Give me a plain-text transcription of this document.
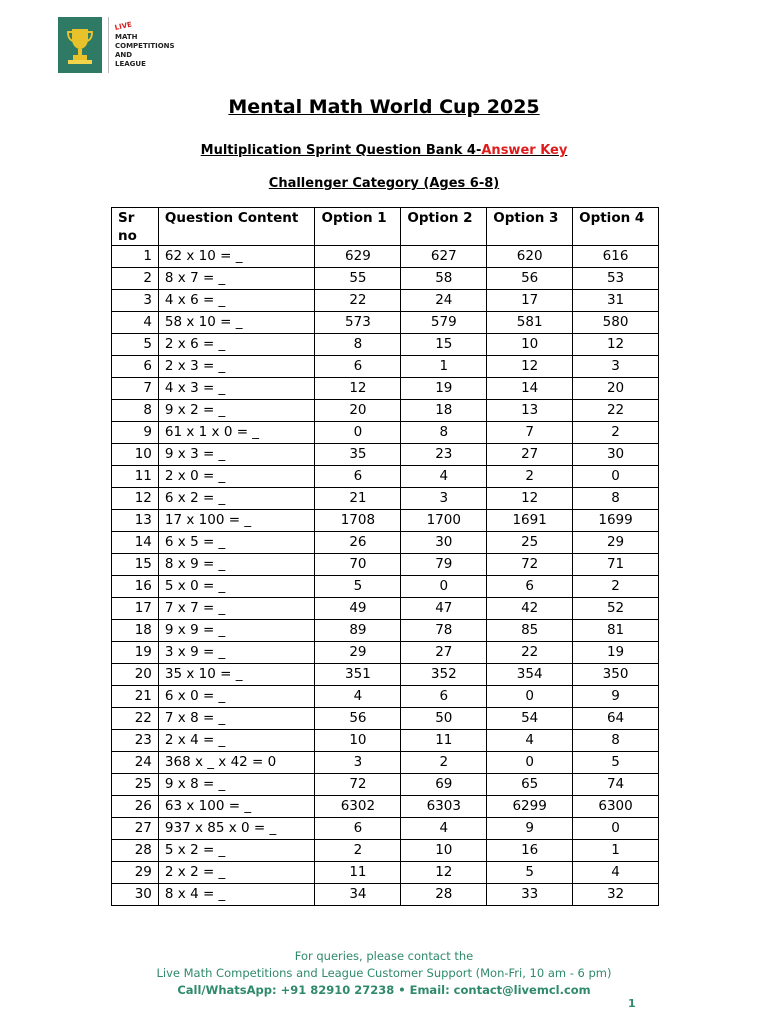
LIVE
MATH
COMPETITIONS
AND
LEAGUE
Mental Math World Cup 2025
Multiplication Sprint Question Bank 4-Answer Key
Challenger Category (Ages 6-8)
Sr no	Question Content	Option 1	Option 2	Option 3	Option 4
1	62 x 10 = _	629	627	620	616
2	8 x 7 = _	55	58	56	53
3	4 x 6 = _	22	24	17	31
4	58 x 10 = _	573	579	581	580
5	2 x 6 = _	8	15	10	12
6	2 x 3 = _	6	1	12	3
7	4 x 3 = _	12	19	14	20
8	9 x 2 = _	20	18	13	22
9	61 x 1 x 0 = _	0	8	7	2
10	9 x 3 = _	35	23	27	30
11	2 x 0 = _	6	4	2	0
12	6 x 2 = _	21	3	12	8
13	17 x 100 = _	1708	1700	1691	1699
14	6 x 5 = _	26	30	25	29
15	8 x 9 = _	70	79	72	71
16	5 x 0 = _	5	0	6	2
17	7 x 7 = _	49	47	42	52
18	9 x 9 = _	89	78	85	81
19	3 x 9 = _	29	27	22	19
20	35 x 10 = _	351	352	354	350
21	6 x 0 = _	4	6	0	9
22	7 x 8 = _	56	50	54	64
23	2 x 4 = _	10	11	4	8
24	368 x _ x 42 = 0	3	2	0	5
25	9 x 8 = _	72	69	65	74
26	63 x 100 = _	6302	6303	6299	6300
27	937 x 85 x 0 = _	6	4	9	0
28	5 x 2 = _	2	10	16	1
29	2 x 2 = _	11	12	5	4
30	8 x 4 = _	34	28	33	32
For queries, please contact the
Live Math Competitions and League Customer Support (Mon-Fri, 10 am - 6 pm)
Call/WhatsApp: +91 82910 27238 • Email: contact@livemcl.com
1
